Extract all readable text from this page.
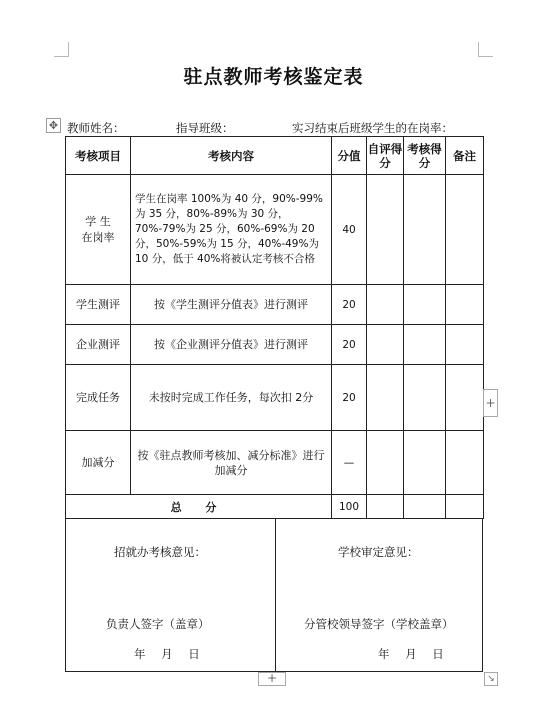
驻点教师考核鉴定表
✥ 教师姓名：	指导班级：	实习结束后班级学生的在岗率：
考核项目	考核内容	分值	自评得分	考核得分	备注
学 生
在岗率	学生在岗率 100%为 40 分，90%-99%为 35 分，80%-89%为 30 分，70%-79%为 25 分，60%-69%为 20 分，50%-59%为 15 分，40%-49%为 10 分，低于 40%将被认定考核不合格	40			
学生测评	按《学生测评分值表》进行测评	20			
企业测评	按《企业测评分值表》进行测评	20			
完成任务	未按时完成工作任务，每次扣 2分	20			
加减分	按《驻点教师考核加、减分标准》进行加减分	—			
总 分		100			
招就办考核意见：
负责人签字（盖章）
年 月 日
学校审定意见：
分管校领导签字（学校盖章）
年 月 日
+
+	↘
